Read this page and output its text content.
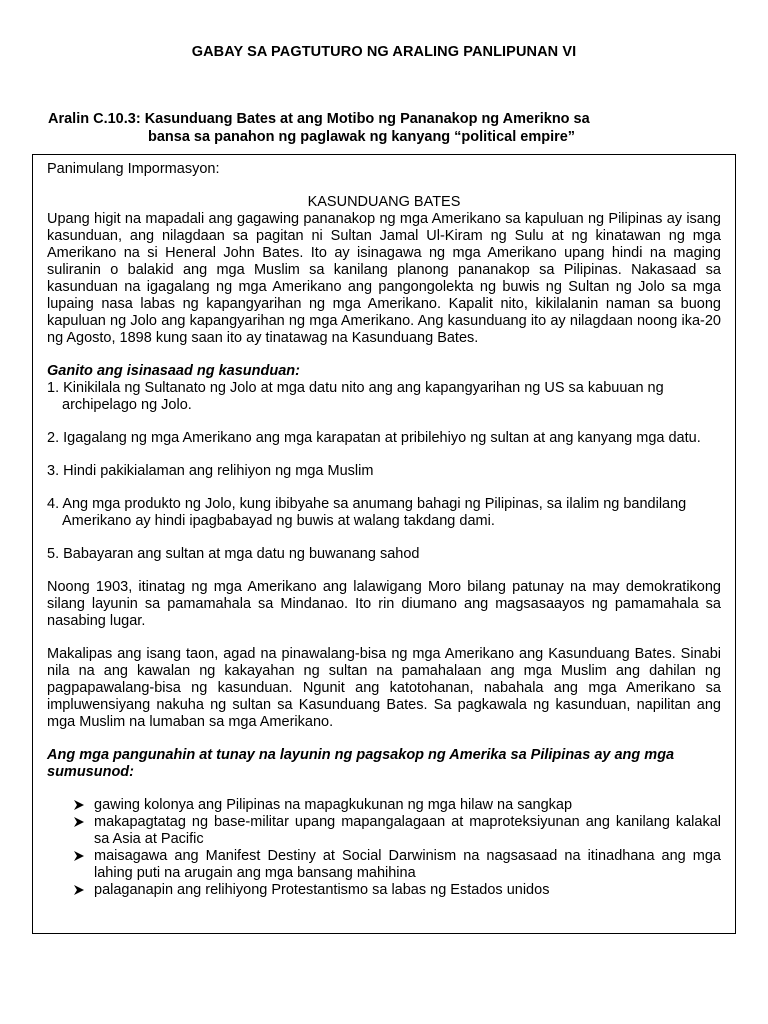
GABAY SA PAGTUTURO NG ARALING PANLIPUNAN VI
Aralin C.10.3: Kasunduang Bates at ang Motibo ng Pananakop ng Amerikno sa
bansa sa panahon ng paglawak ng kanyang “political empire”

Panimulang Impormasyon:

KASUNDUANG BATES

Upang higit na mapadali ang gagawing pananakop ng mga Amerikano sa kapuluan ng Pilipinas ay isang kasunduan, ang nilagdaan sa pagitan ni Sultan Jamal Ul-Kiram ng Sulu at ng kinatawan ng mga Amerikano na si Heneral John Bates. Ito ay isinagawa ng mga Amerikano upang hindi na maging suliranin o balakid ang mga Muslim sa kanilang planong pananakop sa Pilipinas. Nakasaad sa kasunduan na igagalang ng mga Amerikano ang pangongolekta ng buwis ng Sultan ng Jolo sa mga lupaing nasa labas ng kapangyarihan ng mga Amerikano. Kapalit nito, kikilalanin naman sa buong kapuluan ng Jolo ang kapangyarihan ng mga Amerikano. Ang kasunduang ito ay nilagdaan noong ika-20 ng Agosto, 1898 kung saan ito ay tinatawag na Kasunduang Bates.

Ganito ang isinasaad ng kasunduan:

1. Kinikilala ng Sultanato ng Jolo at mga datu nito ang ang kapangyarihan ng US sa kabuuan ng archipelago ng Jolo.
2. Igagalang ng mga Amerikano ang mga karapatan at pribilehiyo ng sultan at ang kanyang mga datu.
3. Hindi pakikialaman ang relihiyon ng mga Muslim
4. Ang mga produkto ng Jolo, kung ibibyahe sa anumang bahagi ng Pilipinas, sa ilalim ng bandilang Amerikano ay hindi ipagbabayad ng buwis at walang takdang dami.
5. Babayaran ang sultan at mga datu ng buwanang sahod

Noong 1903, itinatag ng mga Amerikano ang lalawigang Moro bilang patunay na may demokratikong silang layunin sa pamamahala sa Mindanao. Ito rin diumano ang magsasaayos ng pamamahala sa nasabing lugar.

Makalipas ang isang taon, agad na pinawalang-bisa ng mga Amerikano ang Kasunduang Bates. Sinabi nila na ang kawalan ng kakayahan ng sultan na pamahalaan ang mga Muslim ang dahilan ng pagpapawalang-bisa ng kasunduan. Ngunit ang katotohanan, nabahala ang mga Amerikano sa impluwensiyang nakuha ng sultan sa Kasunduang Bates. Sa pagkawala ng kasunduan, napilitan ang mga Muslim na lumaban sa mga Amerikano.

Ang mga pangunahin at tunay na layunin ng pagsakop ng Amerika sa Pilipinas ay ang mga sumusunod:

gawing kolonya ang Pilipinas na mapagkukunan ng mga hilaw na sangkap
makapagtatag ng base-militar upang mapangalagaan at maproteksiyunan ang kanilang kalakal sa Asia at Pacific
maisagawa ang Manifest Destiny at Social Darwinism na nagsasaad na itinadhana ang mga lahing puti na arugain ang mga bansang mahihina
palaganapin ang relihiyong Protestantismo sa labas ng Estados unidos
